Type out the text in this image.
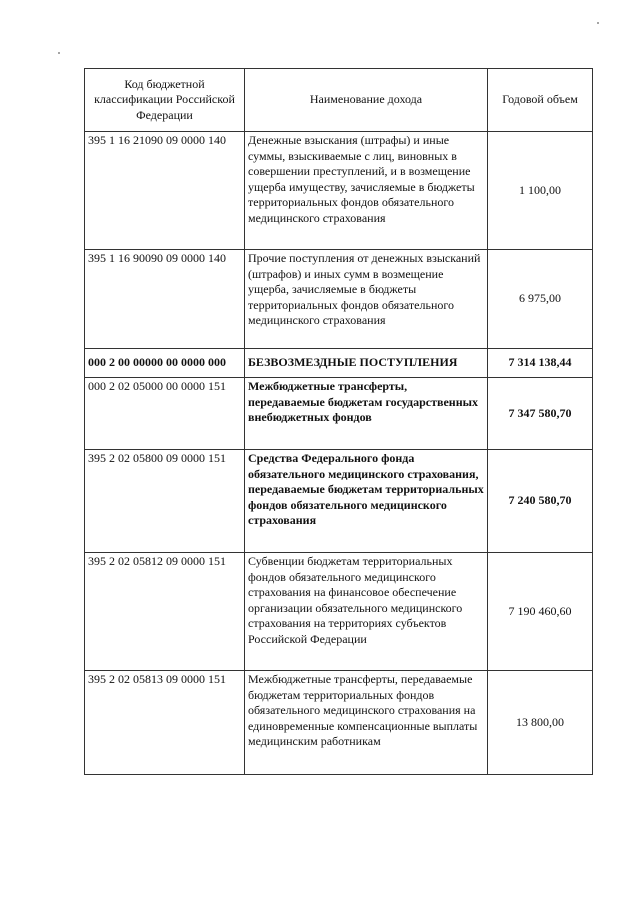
Код бюджетной классификации Российской Федерации	Наименование дохода	Годовой объем
395 1 16 21090 09 0000 140	Денежные взыскания (штрафы) и иные суммы, взыскиваемые с лиц, виновных в совершении преступлений, и в возмещение ущерба имуществу, зачисляемые в бюджеты территориальных фондов обязательного медицинского страхования	1 100,00
395 1 16 90090 09 0000 140	Прочие поступления от денежных взысканий (штрафов) и иных сумм в возмещение ущерба, зачисляемые в бюджеты территориальных фондов обязательного медицинского страхования	6 975,00
000 2 00 00000 00 0000 000	БЕЗВОЗМЕЗДНЫЕ ПОСТУПЛЕНИЯ	7 314 138,44
000 2 02 05000 00 0000 151	Межбюджетные трансферты, передаваемые бюджетам государственных внебюджетных фондов	7 347 580,70
395 2 02 05800 09 0000 151	Средства Федерального фонда обязательного медицинского страхования, передаваемые бюджетам территориальных фондов обязательного медицинского страхования	7 240 580,70
395 2 02 05812 09 0000 151	Субвенции бюджетам территориальных фондов обязательного медицинского страхования на финансовое обеспечение организации обязательного медицинского страхования на территориях субъектов Российской Федерации	7 190 460,60
395 2 02 05813 09 0000 151	Межбюджетные трансферты, передаваемые бюджетам территориальных фондов обязательного медицинского страхования на единовременные компенсационные выплаты медицинским работникам	13 800,00
